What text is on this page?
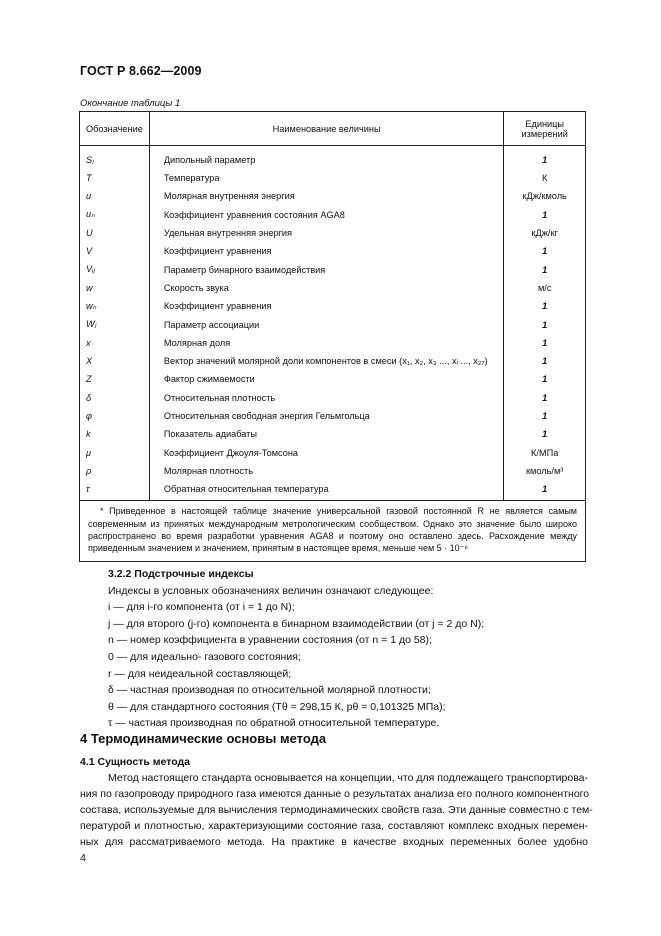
ГОСТ Р 8.662—2009
Окончание таблицы 1
Обозначение	Наименование величины	Единицы измерений
Sⱼ	Дипольный параметр	1
T	Температура	К
u	Молярная внутренняя энергия	кДж/кмоль
uₙ	Коэффициент уравнения состояния AGA8	1
U	Удельная внутренняя энергия	кДж/кг
V	Коэффициент уравнения	1
Vᵢⱼ	Параметр бинарного взаимодействия	1
w	Скорость звука	м/с
wₙ	Коэффициент уравнения	1
Wⱼ	Параметр ассоциации	1
x	Молярная доля	1
X	Вектор значений молярной доли компонентов в смеси (x₁, x₂, x₃ ..., xᵢ ..., x₂₇)	1
Z	Фактор сжимаемости	1
δ	Относительная плотность	1
φ	Относительная свободная энергия Гельмгольца	1
k	Показатель адиабаты	1
μ	Коэффициент Джоуля-Томсона	К/МПа
ρ	Молярная плотность	кмоль/м³
τ	Обратная относительная температура	1
* Приведенное в настоящей таблице значение универсальной газовой постоянной R не является самым современным из принятых международным метрологическим сообществом. Однако это значение было широко распространено во время разработки уравнения AGA8 и поэтому оно оставлено здесь. Расхождение между приведенным значением и значением, принятым в настоящее время, меньше чем 5 · 10⁻⁶		
3.2.2 Подстрочные индексы
Индексы в условных обозначениях величин означают следующее:
i — для i-го компонента (от i = 1 до N);
j — для второго (j-го) компонента в бинарном взаимодействии (от j = 2 до N);
n — номер коэффициента в уравнении состояния (от n = 1 до 58);
0 — для идеально- газового состояния;
r — для неидеальной составляющей;
δ — частная производная по относительной молярной плотности;
θ — для стандартного состояния (Tθ = 298,15 К, pθ = 0,101325 МПа);
τ — частная производная по обратной относительной температуре.
4 Термодинамические основы метода
4.1 Сущность метода
Метод настоящего стандарта основывается на концепции, что для подлежащего транспортирова-
ния по газопроводу природного газа имеются данные о результатах анализа его полного компонентного
состава, используемые для вычисления термодинамических свойств газа. Эти данные совместно с тем-
пературой и плотностью, характеризующими состояние газа, составляют комплекс входных перемен-
ных для рассматриваемого метода. На практике в качестве входных переменных более удобно
4
